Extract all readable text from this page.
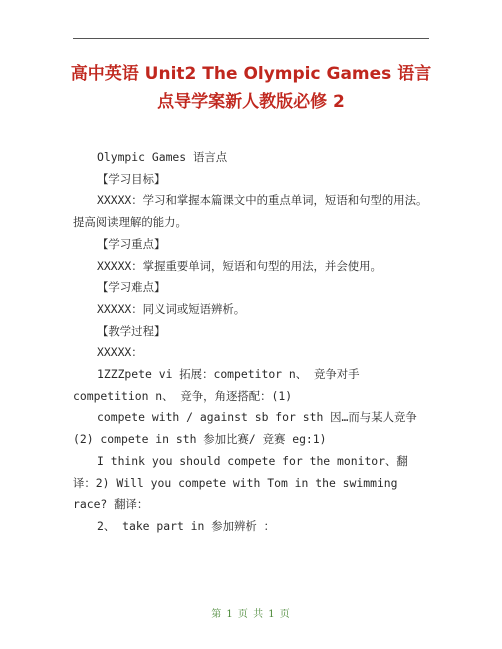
高中英语 Unit2 The Olympic Games 语言
点导学案新人教版必修 2

Olympic Games 语言点

【学习目标】

XXXXX：学习和掌握本篇课文中的重点单词，短语和句型的用法。提高阅读理解的能力。

【学习重点】

XXXXX：掌握重要单词，短语和句型的用法，并会使用。

【学习难点】

XXXXX：同义词或短语辨析。

【教学过程】

XXXXX：

1ZZZpete vi 拓展：competitor n、 竞争对手 competition n、 竞争，角逐搭配：(1)

compete with / against sb for sth 因…而与某人竞争 (2) compete in sth 参加比赛/ 竞赛 eg:1)

I think you should compete for the monitor、翻译：2) Will you compete with Tom in the swimming race? 翻译：

2、 take part in 参加辨析 ：

第 1 页 共 1 页
